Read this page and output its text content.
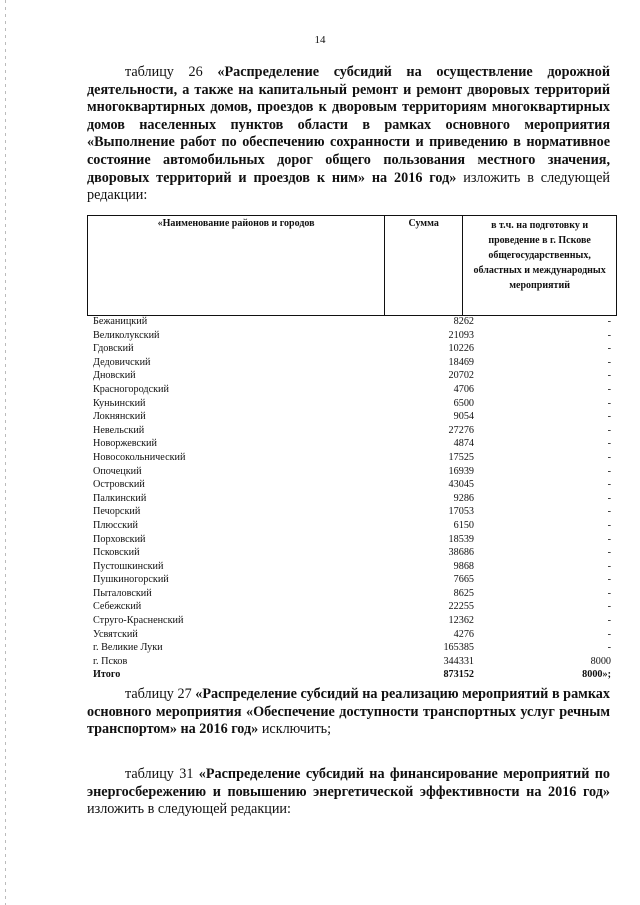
14
таблицу 26 «Распределение субсидий на осуществление дорожной деятельности, а также на капитальный ремонт и ремонт дворовых территорий многоквартирных домов, проездов к дворовым территориям многоквартирных домов населенных пунктов области в рамках основного мероприятия «Выполнение работ по обеспечению сохранности и приведению в нормативное состояние автомобильных дорог общего пользования местного значения, дворовых территорий и проездов к ним» на 2016 год» изложить в следующей редакции:
«Наименование районов и городов	Сумма	в т.ч. на подготовку и проведение в г. Пскове общегосударственных, областных и международных мероприятий
Бежаницкий	8262	-
Великолукский	21093	-
Гдовский	10226	-
Дедовичский	18469	-
Дновский	20702	-
Красногородский	4706	-
Куньинский	6500	-
Локнянский	9054	-
Невельский	27276	-
Новоржевский	4874	-
Новосокольнический	17525	-
Опочецкий	16939	-
Островский	43045	-
Палкинский	9286	-
Печорский	17053	-
Плюсский	6150	-
Порховский	18539	-
Псковский	38686	-
Пустошкинский	9868	-
Пушкиногорский	7665	-
Пыталовский	8625	-
Себежский	22255	-
Струго-Красненский	12362	-
Усвятский	4276	-
г. Великие Луки	165385	-
г. Псков	344331	8000
Итого	873152	8000»;
таблицу 27 «Распределение субсидий на реализацию мероприятий в рамках основного мероприятия «Обеспечение доступности транспортных услуг речным транспортом» на 2016 год» исключить;
таблицу 31 «Распределение субсидий на финансирование мероприятий по энергосбережению и повышению энергетической эффективности на 2016 год» изложить в следующей редакции:
